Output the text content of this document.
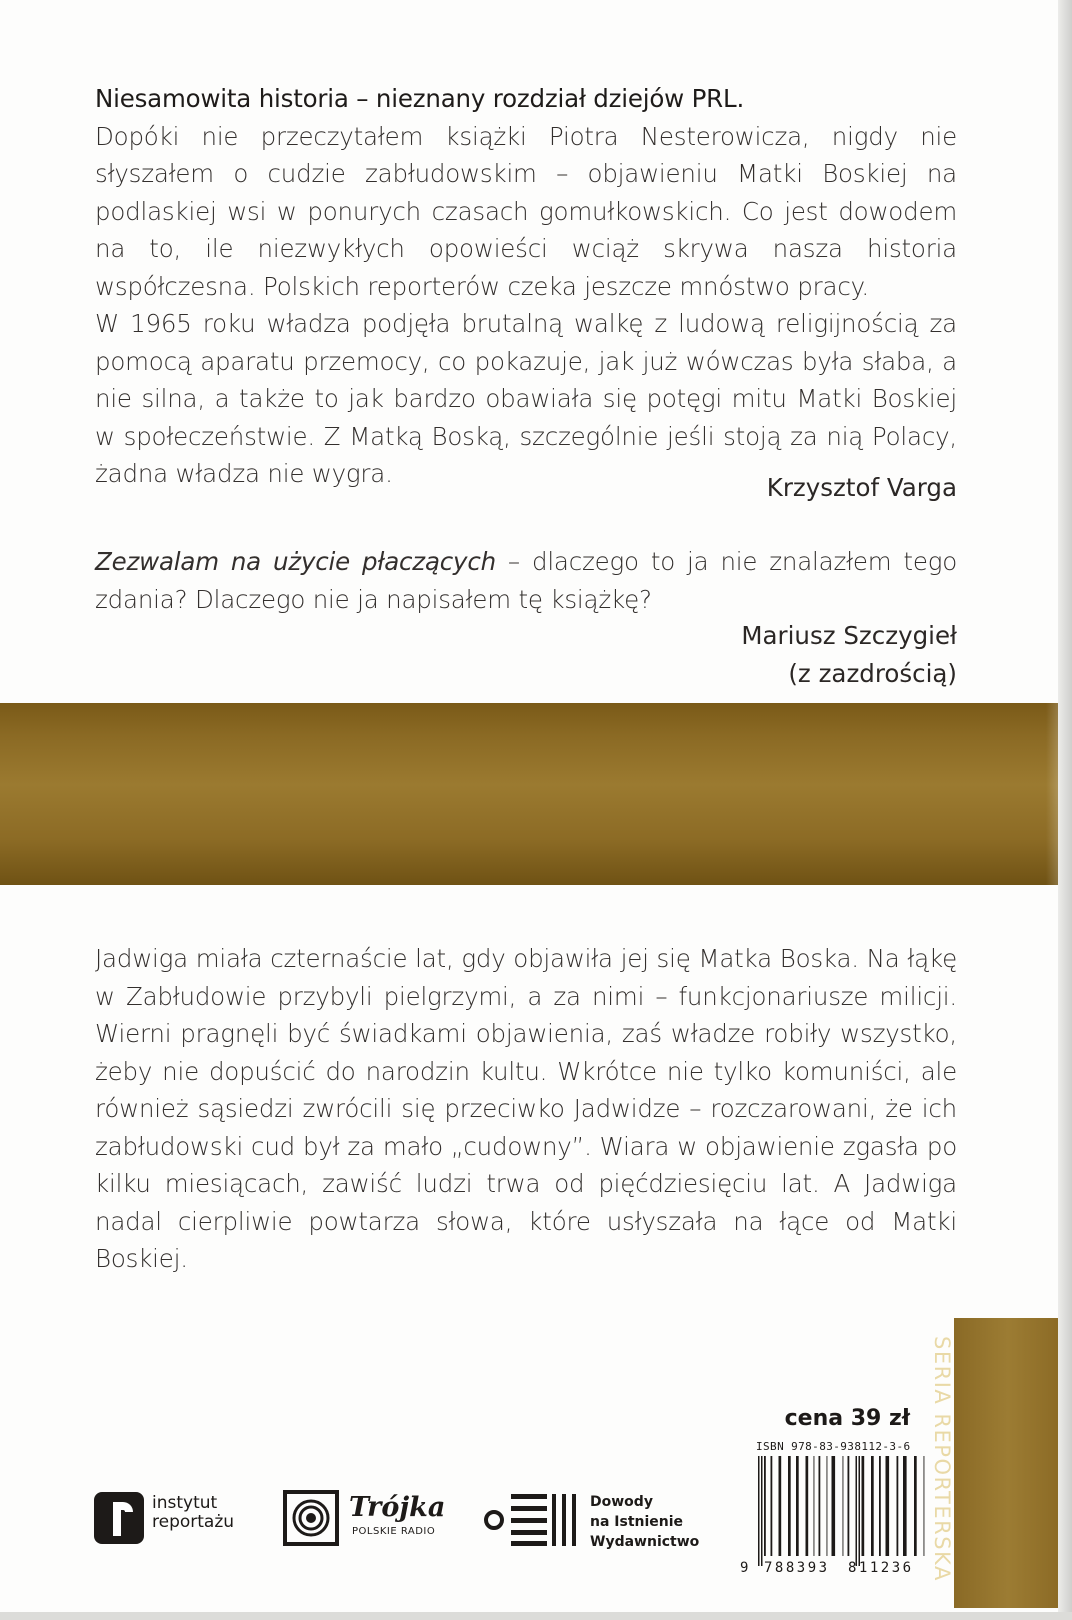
Niesamowita historia – nieznany rozdział dziejów PRL.

Dopóki nie przeczytałem książki Piotra Nesterowicza, nigdy nie słyszałem o cudzie zabłudowskim – objawieniu Matki Boskiej na podlaskiej wsi w ponurych czasach gomułkowskich. Co jest dowodem na to, ile niezwykłych opowieści wciąż skrywa nasza historia współczesna. Polskich reporterów czeka jeszcze mnóstwo pracy.

W 1965 roku władza podjęła brutalną walkę z ludową religijnością za pomocą aparatu przemocy, co pokazuje, jak już wówczas była słaba, a nie silna, a także to jak bardzo obawiała się potęgi mitu Matki Boskiej w społeczeństwie. Z Matką Boską, szczególnie jeśli stoją za nią Polacy, żadna władza nie wygra.	Krzysztof Varga

Zezwalam na użycie płaczących – dlaczego to ja nie znalazłem tego zdania? Dlaczego nie ja napisałem tę książkę?

Mariusz Szczygieł
(z zazdrością)

Jadwiga miała czternaście lat, gdy objawiła jej się Matka Boska. Na łąkę w Zabłudowie przybyli pielgrzymi, a za nimi – funkcjonariusze milicji. Wierni pragnęli być świadkami objawienia, zaś władze robiły wszystko, żeby nie dopuścić do narodzin kultu. Wkrótce nie tylko komuniści, ale również sąsiedzi zwrócili się przeciwko Jadwidze – rozczarowani, że ich zabłudowski cud był za mało „cudowny”. Wiara w objawienie zgasła po kilku miesiącach, zawiść ludzi trwa od pięćdziesięciu lat. A Jadwiga nadal cierpliwie powtarza słowa, które usłyszała na łące od Matki Boskiej.

SERIA REPORTERSKA
cena 39 zł
ISBN 978-83-938112-3-6
9 788393 811236
instytut
reportażu	Trójka
POLSKIE RADIO
Dowody
na Istnienie
Wydawnictwo
